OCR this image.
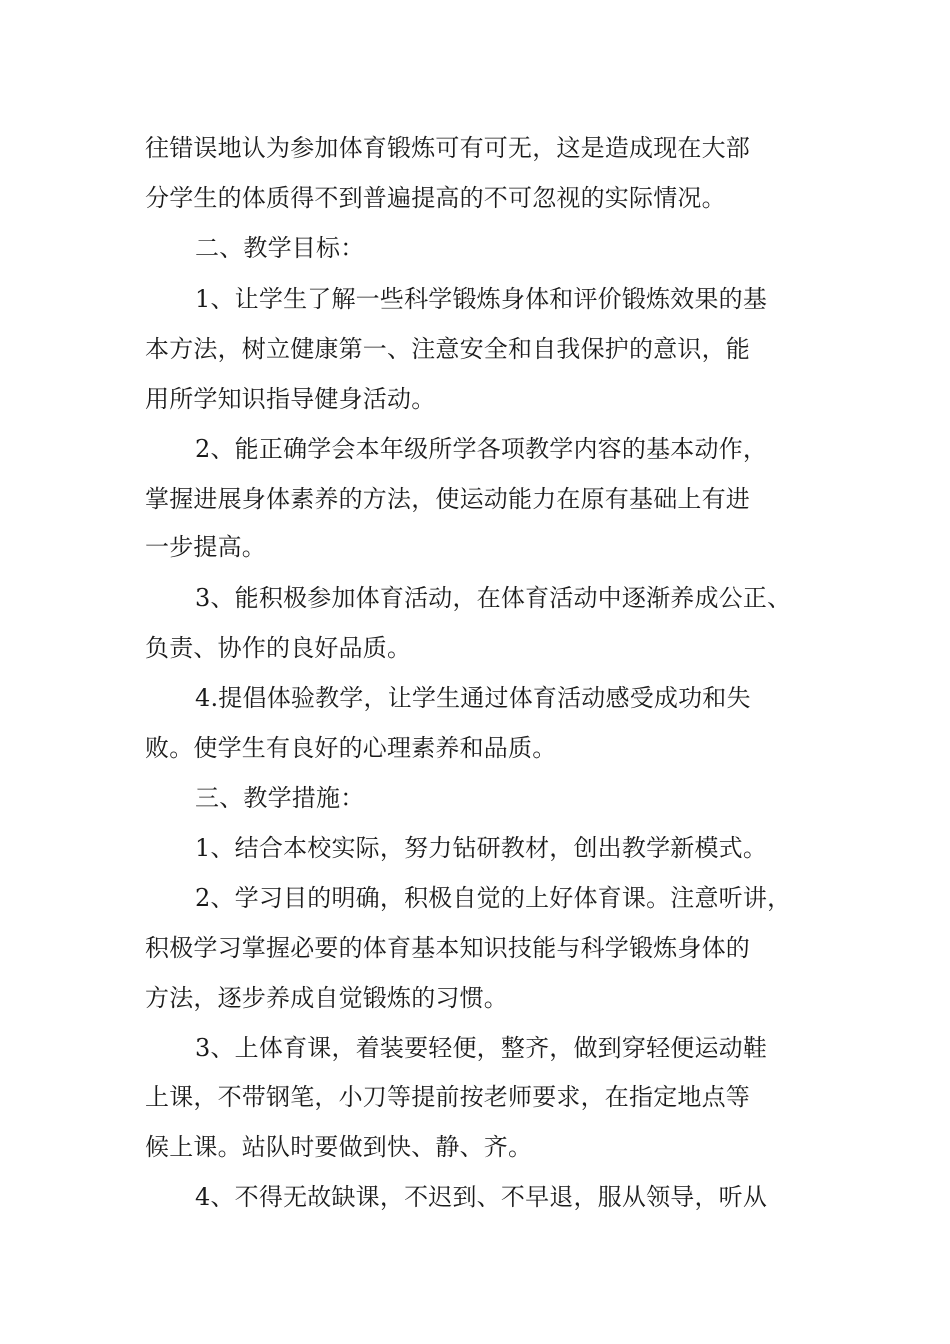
往错误地认为参加体育锻炼可有可无，这是造成现在大部
分学生的体质得不到普遍提高的不可忽视的实际情况。
二、教学目标：
1、让学生了解一些科学锻炼身体和评价锻炼效果的基
本方法，树立健康第一、注意安全和自我保护的意识，能
用所学知识指导健身活动。
2、能正确学会本年级所学各项教学内容的基本动作，
掌握进展身体素养的方法，使运动能力在原有基础上有进
一步提高。
3、能积极参加体育活动，在体育活动中逐渐养成公正、
负责、协作的良好品质。
4.提倡体验教学，让学生通过体育活动感受成功和失
败。使学生有良好的心理素养和品质。
三、教学措施：
1、结合本校实际，努力钻研教材，创出教学新模式。
2、学习目的明确，积极自觉的上好体育课。注意听讲，
积极学习掌握必要的体育基本知识技能与科学锻炼身体的
方法，逐步养成自觉锻炼的习惯。
3、上体育课，着装要轻便，整齐，做到穿轻便运动鞋
上课，不带钢笔，小刀等提前按老师要求，在指定地点等
候上课。站队时要做到快、静、齐。
4、不得无故缺课，不迟到、不早退，服从领导，听从
